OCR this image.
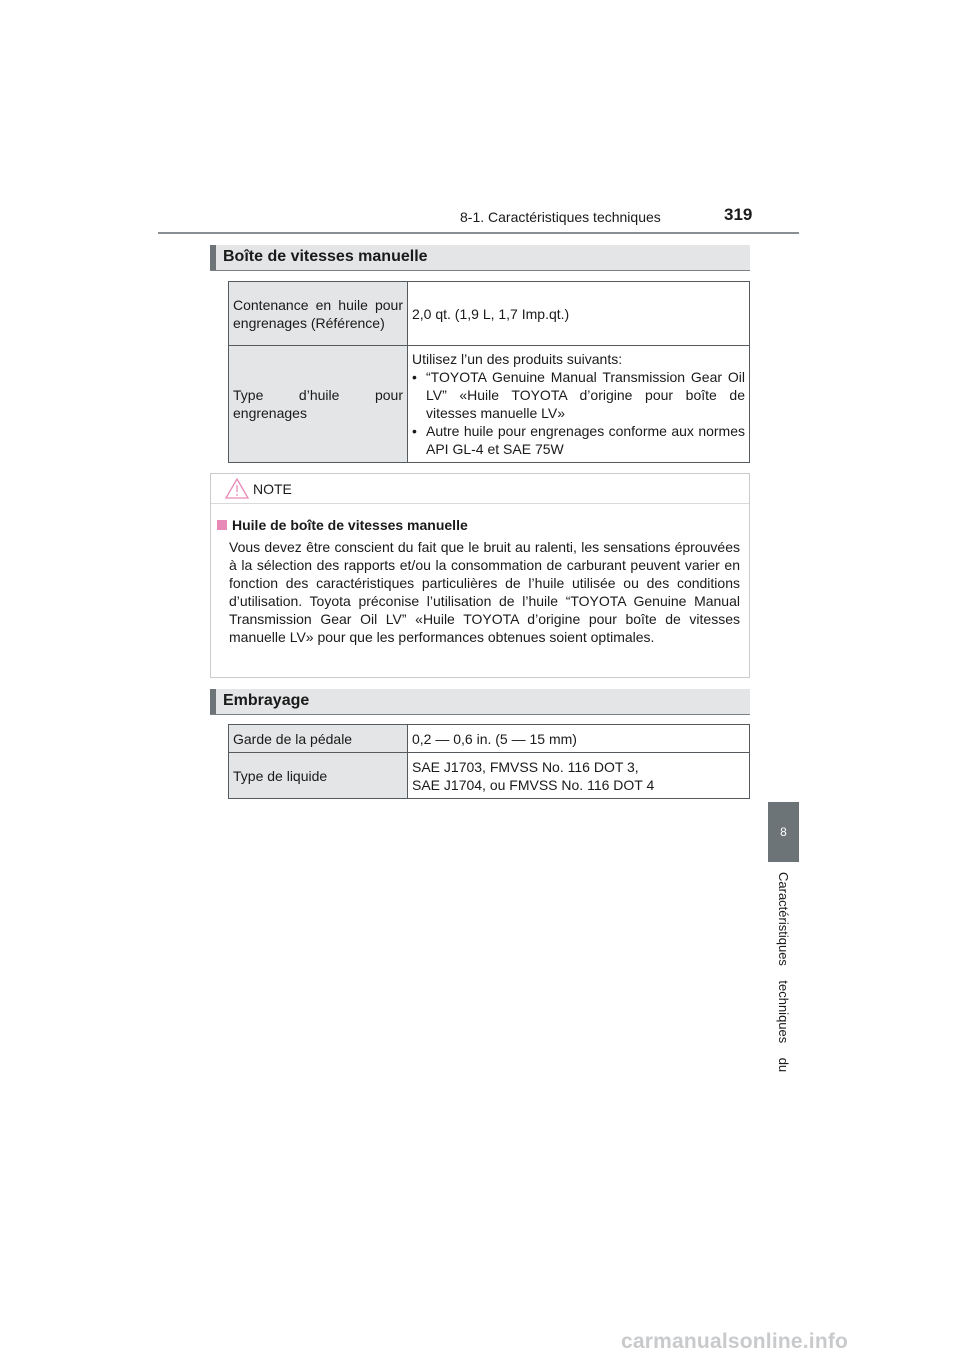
8-1. Caractéristiques techniques	319
Boîte de vitesses manuelle
Contenance en huile pour engrenages (Référence)	2,0 qt. (1,9 L, 1,7 Imp.qt.)
Type d’huile pour engrenages	Utilisez l’un des produits suivants:
• “TOYOTA Genuine Manual Transmission Gear Oil LV” «Huile TOYOTA d’origine pour boîte de vitesses manuelle LV»
• Autre huile pour engrenages conforme aux normes API GL-4 et SAE 75W
NOTE
Huile de boîte de vitesses manuelle
Vous devez être conscient du fait que le bruit au ralenti, les sensations éprouvées à la sélection des rapports et/ou la consommation de carburant peuvent varier en fonction des caractéristiques particulières de l’huile utilisée ou des conditions d’utilisation. Toyota préconise l’utilisation de l’huile “TOYOTA Genuine Manual Transmission Gear Oil LV” «Huile TOYOTA d’origine pour boîte de vitesses manuelle LV» pour que les performances obtenues soient optimales.
Embrayage
Garde de la pédale	0,2 — 0,6 in. (5 — 15 mm)
Type de liquide	SAE J1703, FMVSS No. 116 DOT 3,
SAE J1704, ou FMVSS No. 116 DOT 4
8
Caractéristiques    techniques    du
carmanualsonline.info
